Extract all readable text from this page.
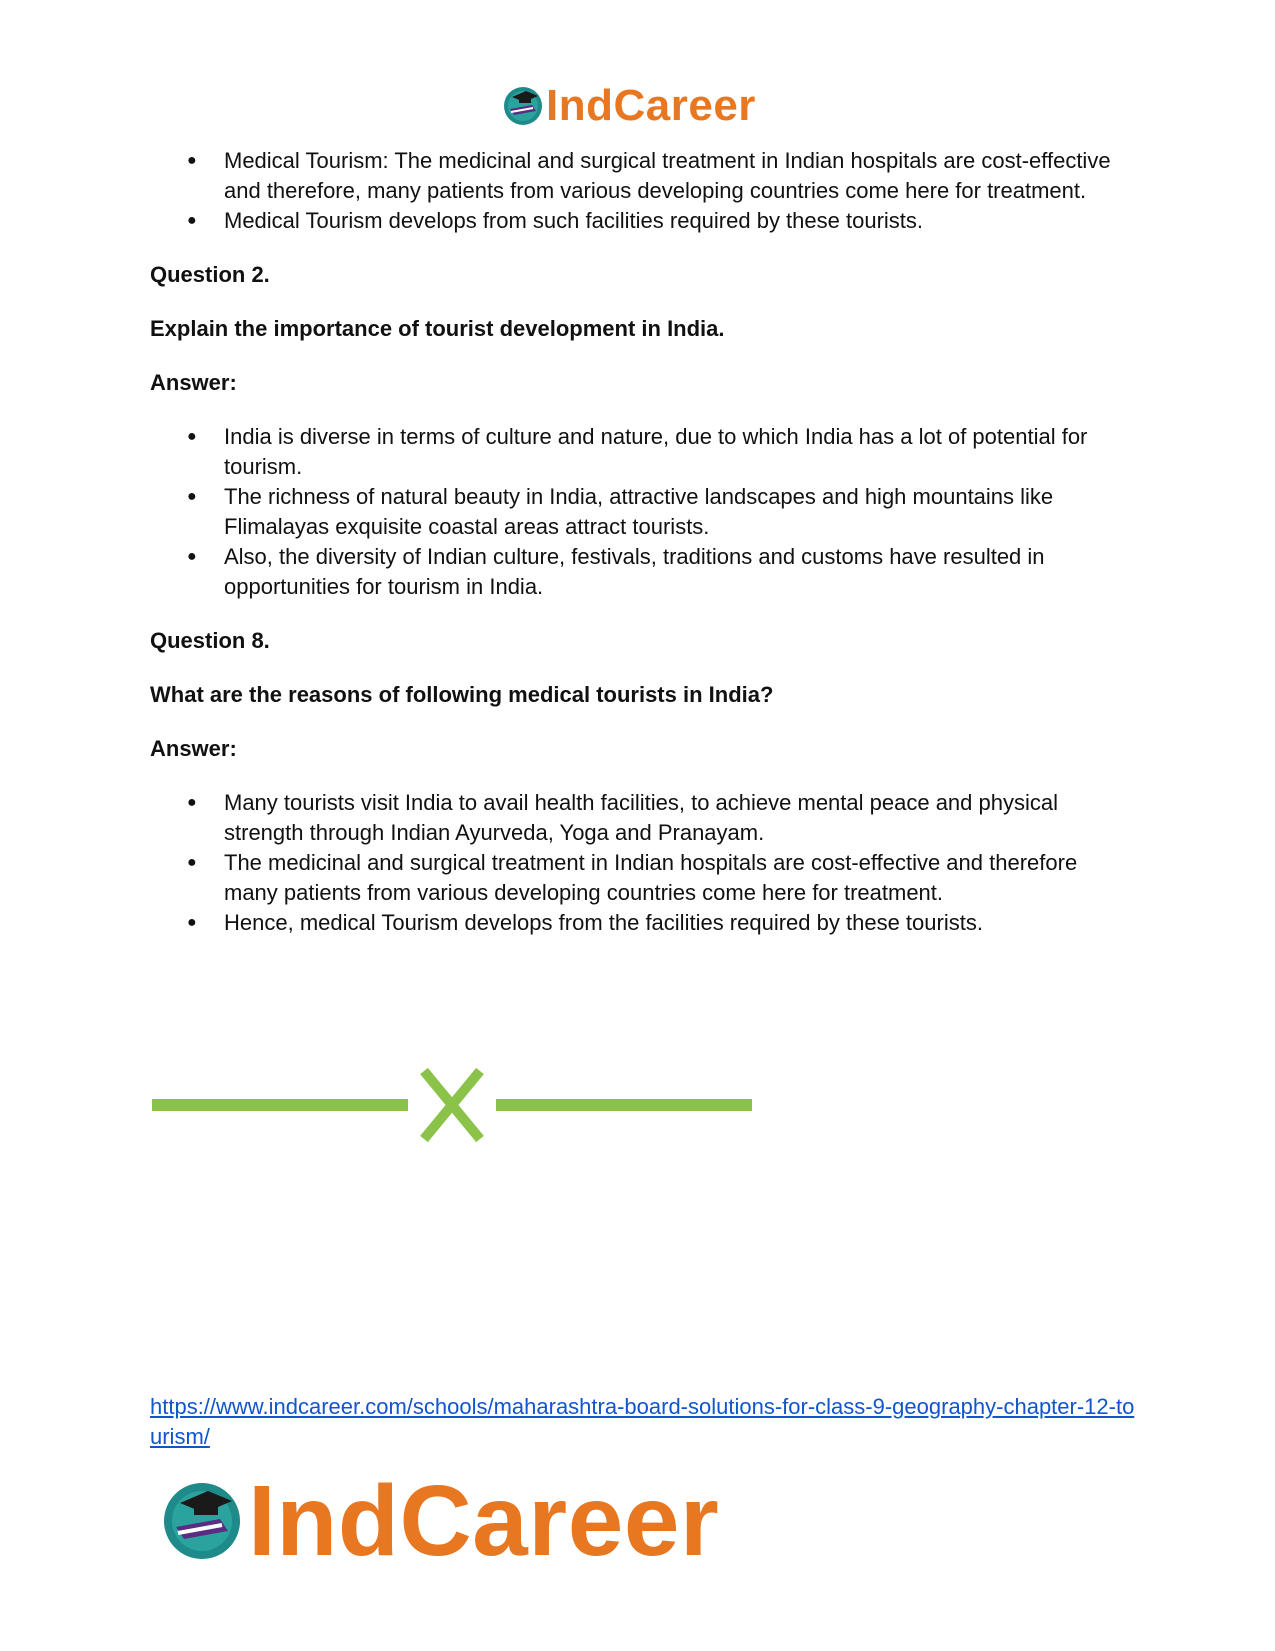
IndCareer
● Medical Tourism: The medicinal and surgical treatment in Indian hospitals are cost-effective and therefore, many patients from various developing countries come here for treatment.
● Medical Tourism develops from such facilities required by these tourists.

Question 2.

Explain the importance of tourist development in India.

Answer:

● India is diverse in terms of culture and nature, due to which India has a lot of potential for tourism.
● The richness of natural beauty in India, attractive landscapes and high mountains like Flimalayas exquisite coastal areas attract tourists.
● Also, the diversity of Indian culture, festivals, traditions and customs have resulted in opportunities for tourism in India.

Question 8.

What are the reasons of following medical tourists in India?

Answer:

● Many tourists visit India to avail health facilities, to achieve mental peace and physical strength through Indian Ayurveda, Yoga and Pranayam.
● The medicinal and surgical treatment in Indian hospitals are cost-effective and therefore many patients from various developing countries come here for treatment.
● Hence, medical Tourism develops from the facilities required by these tourists.
https://www.indcareer.com/schools/maharashtra-board-solutions-for-class-9-geography-chapter-12-tourism/
IndCareer
